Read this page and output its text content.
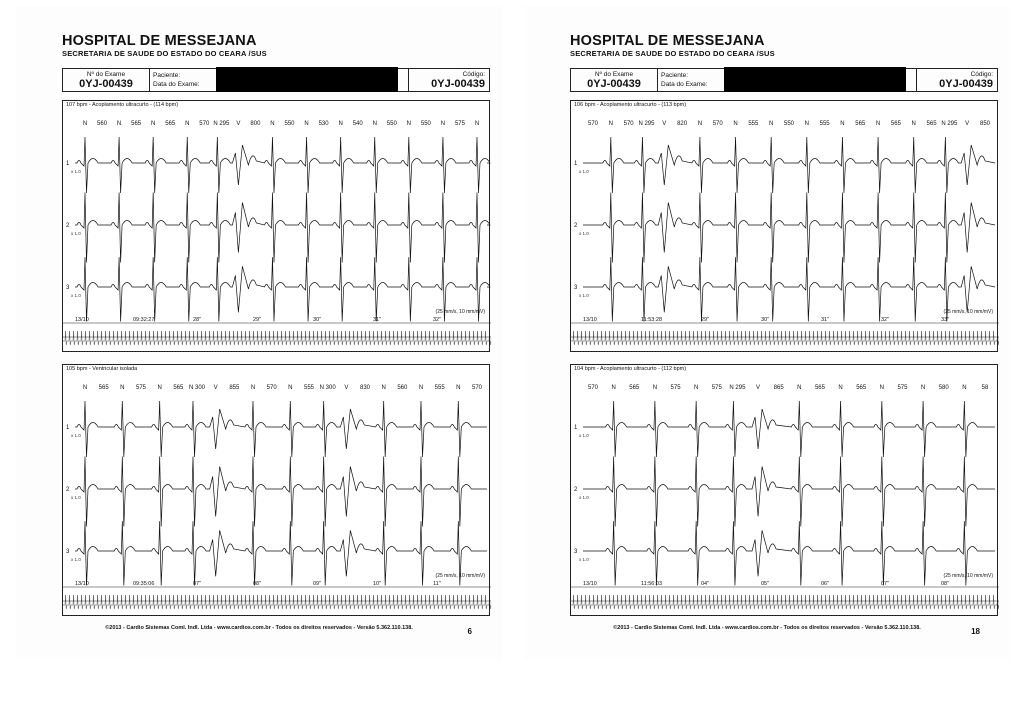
HOSPITAL DE MESSEJANA
SECRETARIA DE SAUDE DO ESTADO DO CEARA /SUS
Nº do Exame
0YJ-00439
Paciente:
Data do Exame:
Código:
0YJ-00439
107 bpm - Acoplamento ultracurto - (114 bpm)
N 560 N 565 N 565 N 570 N 295 V 800 N 550 N 530 N 540 N 550 N 550 N 575 N
1
x 1.0
2
x 1.0
3
x 1.0
(25 mm/s, 10 mm/mV)
13/10	09:32:27	28"	29"	30"	31"	32"
105 bpm - Ventricular isolada
N 565 N 575 N 565 N 300 V 855 N 570 N 555 N 300 V 830 N 560 N 555 N 570
1
x 1.0
2
x 1.0
3
x 1.0
(25 mm/s, 10 mm/mV)
13/10	09:35:06	07"	08"	09"	10"	11"
©2013 - Cardio Sistemas Coml. Indl. Ltda - www.cardios.com.br - Todos os direitos reservados - Versão 5.362.110.138.	6
HOSPITAL DE MESSEJANA
SECRETARIA DE SAUDE DO ESTADO DO CEARA /SUS
Nº do Exame
0YJ-00439
Paciente:
Data do Exame:
Código:
0YJ-00439
106 bpm - Acoplamento ultracurto - (113 bpm)
570 N 570 N 295 V 820 N 570 N 555 N 550 N 555 N 565 N 565 N 565 N 295 V 850
1
x 1.0
2
x 1.0
3
x 1.0
(25 mm/s, 10 mm/mV)
13/10	11:53:28	29"	30"	31"	32"	33"
104 bpm - Acoplamento ultracurto - (112 bpm)
570 N 565 N 575 N 575 N 295 V 865 N 565 N 565 N 575 N 580 N	58
1
x 1.0
2
x 1.0
3
x 1.0
(25 mm/s, 10 mm/mV)
13/10	11:56:03	04"	05"	06"	07"	08"
©2013 - Cardio Sistemas Coml. Indl. Ltda - www.cardios.com.br - Todos os direitos reservados - Versão 5.362.110.138.	18
